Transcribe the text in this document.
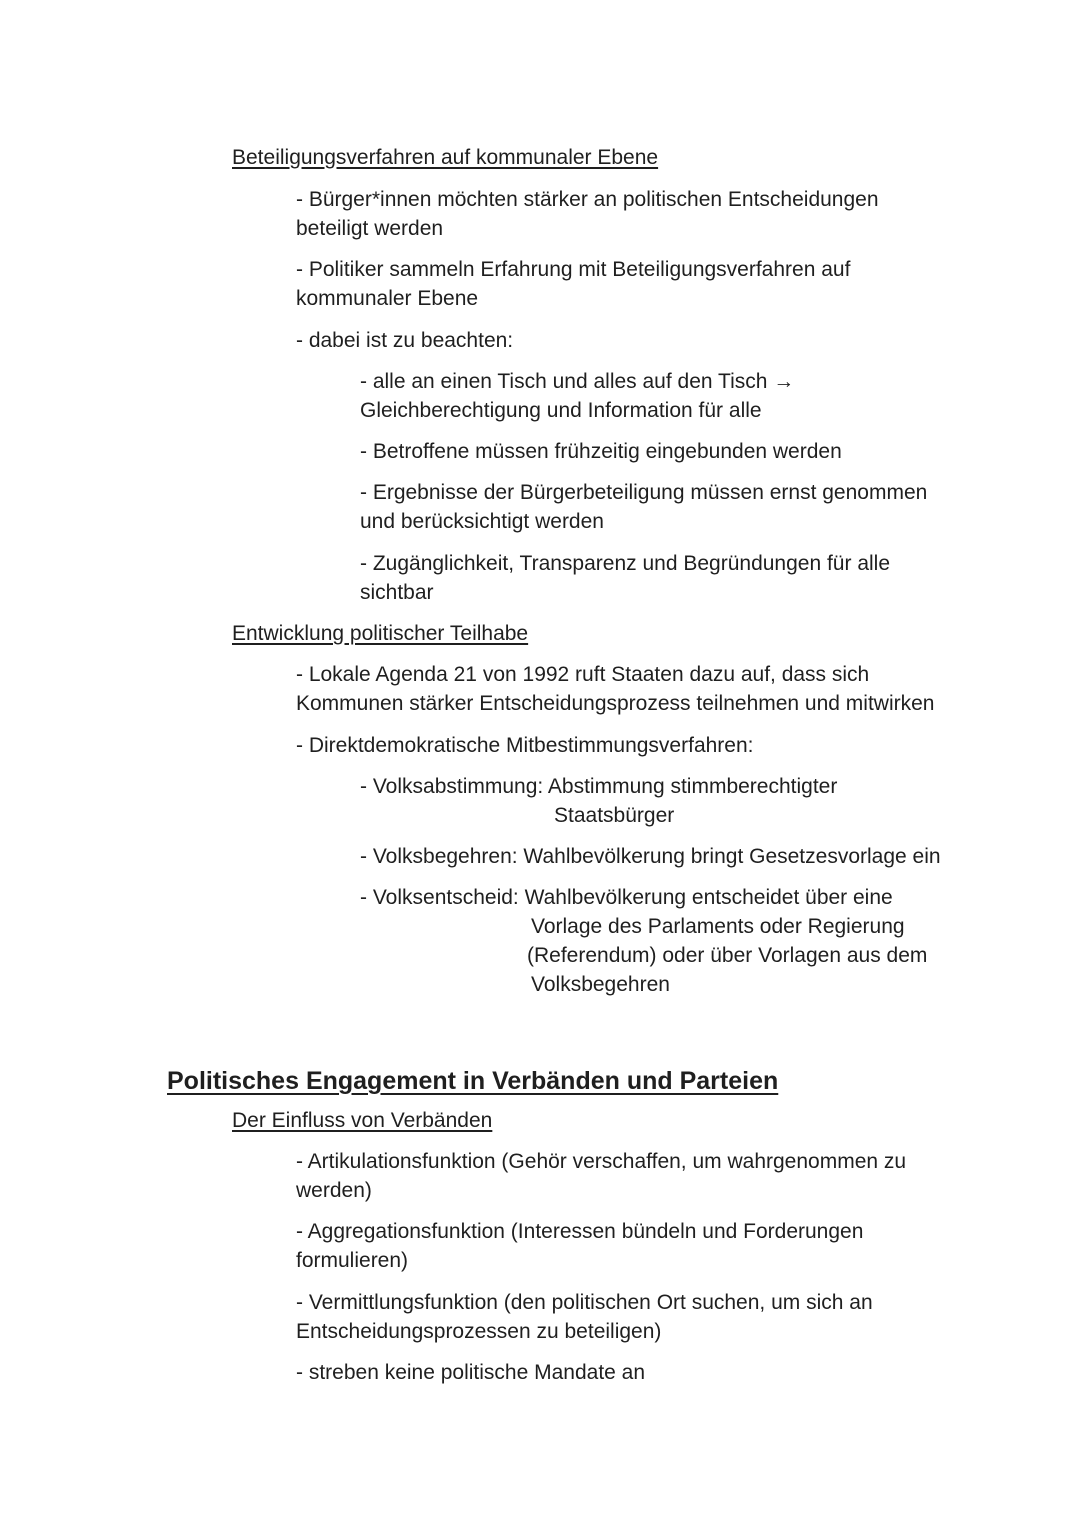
Beteiligungsverfahren auf kommunaler Ebene
- Bürger*innen möchten stärker an politischen Entscheidungen
beteiligt werden
- Politiker sammeln Erfahrung mit Beteiligungsverfahren auf
kommunaler Ebene
- dabei ist zu beachten:
- alle an einen Tisch und alles auf den Tisch →
Gleichberechtigung und Information für alle
- Betroffene müssen frühzeitig eingebunden werden
- Ergebnisse der Bürgerbeteiligung müssen ernst genommen
und berücksichtigt werden
- Zugänglichkeit, Transparenz und Begründungen für alle
sichtbar
Entwicklung politischer Teilhabe
- Lokale Agenda 21 von 1992 ruft Staaten dazu auf, dass sich
Kommunen stärker Entscheidungsprozess teilnehmen und mitwirken
- Direktdemokratische Mitbestimmungsverfahren:
- Volksabstimmung: Abstimmung stimmberechtigter
Staatsbürger
- Volksbegehren: Wahlbevölkerung bringt Gesetzesvorlage ein
- Volksentscheid: Wahlbevölkerung entscheidet über eine
Vorlage des Parlaments oder Regierung
(Referendum) oder über Vorlagen aus dem
Volksbegehren
Politisches Engagement in Verbänden und Parteien
Der Einfluss von Verbänden
- Artikulationsfunktion (Gehör verschaffen, um wahrgenommen zu
werden)
- Aggregationsfunktion (Interessen bündeln und Forderungen
formulieren)
- Vermittlungsfunktion (den politischen Ort suchen, um sich an
Entscheidungsprozessen zu beteiligen)
- streben keine politische Mandate an
